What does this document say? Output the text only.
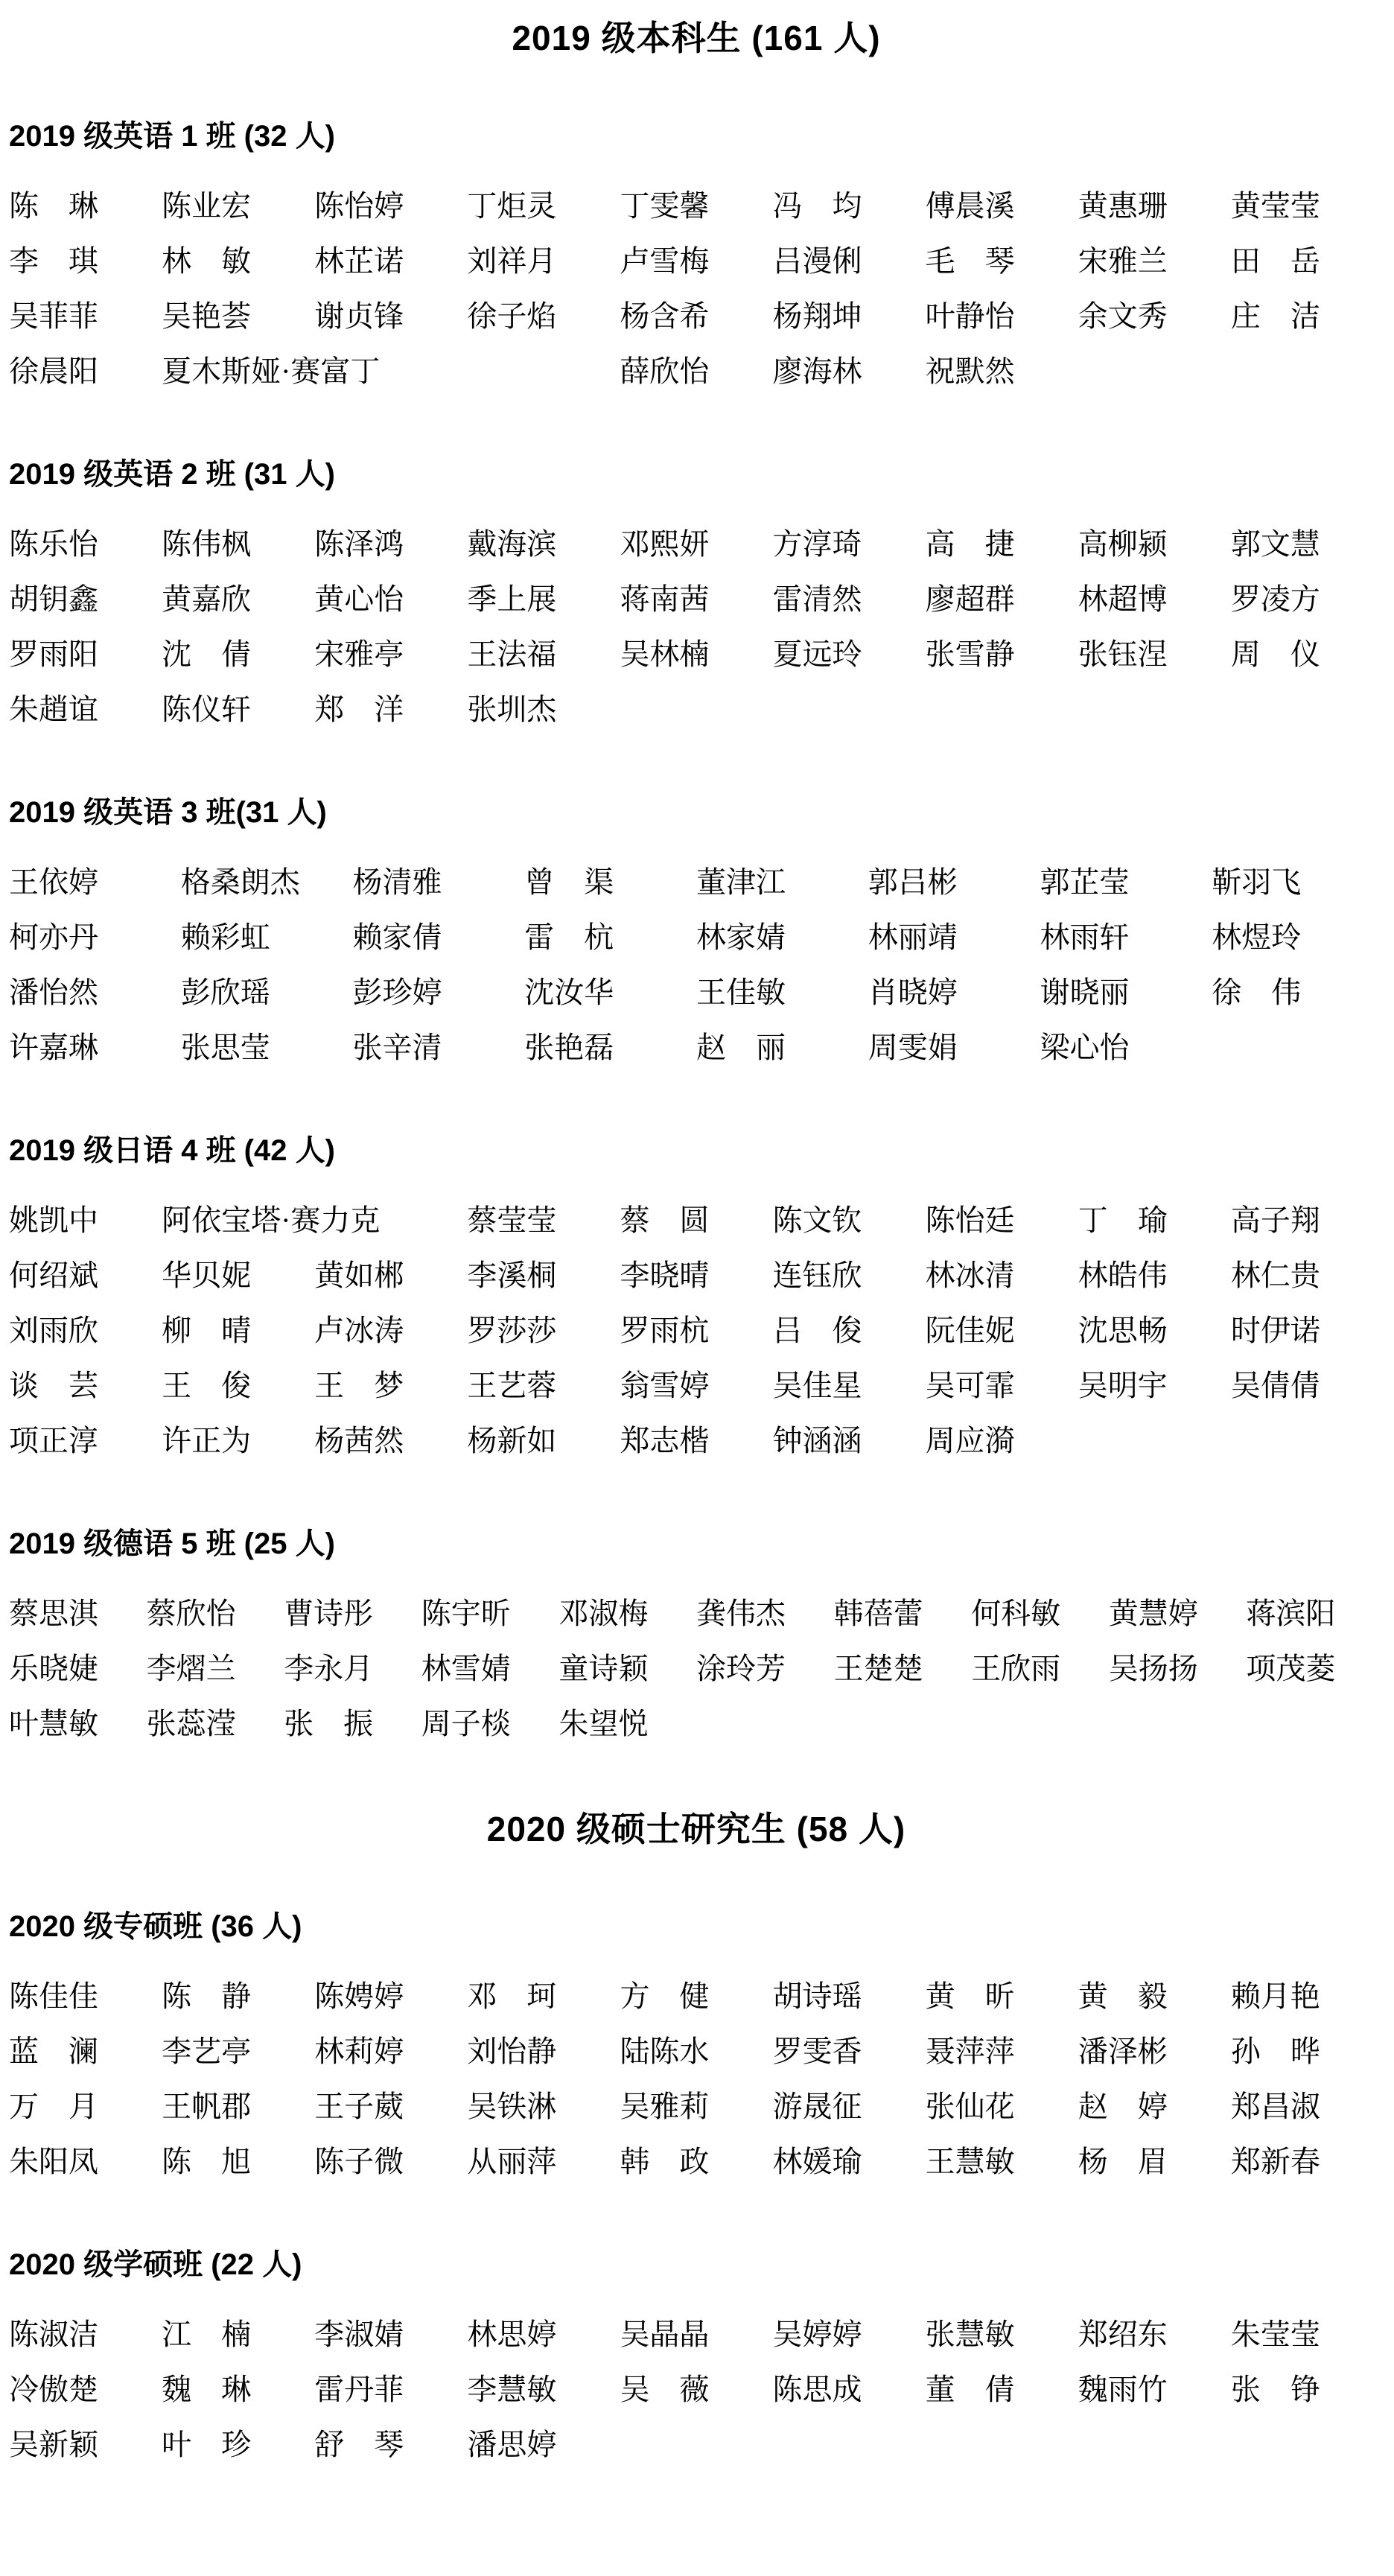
2019 级本科生 (161 人)
2019 级英语 1 班 (32 人)
陈　琳	陈业宏	陈怡婷	丁炬灵	丁雯馨	冯　均	傅晨溪	黄惠珊	黄莹莹
李　琪	林　敏	林芷诺	刘祥月	卢雪梅	吕漫俐	毛　琴	宋雅兰	田　岳
吴菲菲	吴艳荟	谢贞锋	徐子焰	杨含希	杨翔坤	叶静怡	余文秀	庄　洁
徐晨阳	夏木斯娅·赛富丁	薛欣怡	廖海林	祝默然
2019 级英语 2 班 (31 人)
陈乐怡	陈伟枫	陈泽鸿	戴海滨	邓熙妍	方淳琦	高　捷	高柳颍	郭文慧
胡钥鑫	黄嘉欣	黄心怡	季上展	蒋南茜	雷清然	廖超群	林超博	罗凌方
罗雨阳	沈　倩	宋雅亭	王法福	吴林楠	夏远玲	张雪静	张钰涅	周　仪
朱趙谊	陈仪轩	郑　洋	张圳杰
2019 级英语 3 班(31 人)
王依婷	格桑朗杰	杨清雅	曾　渠	董津江	郭吕彬	郭芷莹	靳羽飞
柯亦丹	赖彩虹	赖家倩	雷　杭	林家婧	林丽靖	林雨轩	林煜玲
潘怡然	彭欣瑶	彭珍婷	沈汝华	王佳敏	肖晓婷	谢晓丽	徐　伟
许嘉琳	张思莹	张辛清	张艳磊	赵　丽	周雯娟	梁心怡
2019 级日语 4 班 (42 人)
姚凯中	阿依宝塔·赛力克	蔡莹莹	蔡　圆	陈文钦	陈怡廷	丁　瑜	高子翔
何绍斌	华贝妮	黄如郴	李溪桐	李晓晴	连钰欣	林冰清	林皓伟	林仁贵
刘雨欣	柳　晴	卢冰涛	罗莎莎	罗雨杭	吕　俊	阮佳妮	沈思畅	时伊诺
谈　芸	王　俊	王　梦	王艺蓉	翁雪婷	吴佳星	吴可霏	吴明宇	吴倩倩
项正淳	许正为	杨茜然	杨新如	郑志楷	钟涵涵	周应漪
2019 级德语 5 班 (25 人)
蔡思淇	蔡欣怡	曹诗彤	陈宇昕	邓淑梅	龚伟杰	韩蓓蕾	何科敏	黄慧婷	蒋滨阳
乐晓婕	李熠兰	李永月	林雪婧	童诗颖	涂玲芳	王楚楚	王欣雨	吴扬扬	项茂菱
叶慧敏	张蕊滢	张　振	周子棪	朱望悦
2020 级硕士研究生 (58 人)
2020 级专硕班 (36 人)
陈佳佳	陈　静	陈娉婷	邓　珂	方　健	胡诗瑶	黄　昕	黄　毅	赖月艳
蓝　澜	李艺亭	林莉婷	刘怡静	陆陈水	罗雯香	聂萍萍	潘泽彬	孙　晔
万　月	王帆郡	王子葳	吴铁淋	吴雅莉	游晟征	张仙花	赵　婷	郑昌淑
朱阳凤	陈　旭	陈子微	从丽萍	韩　政	林媛瑜	王慧敏	杨　眉	郑新春
2020 级学硕班 (22 人)
陈淑洁	江　楠	李淑婧	林思婷	吴晶晶	吴婷婷	张慧敏	郑绍东	朱莹莹
冷傲楚	魏　琳	雷丹菲	李慧敏	吴　薇	陈思成	董　倩	魏雨竹	张　铮
吴新颖	叶　珍	舒　琴	潘思婷
